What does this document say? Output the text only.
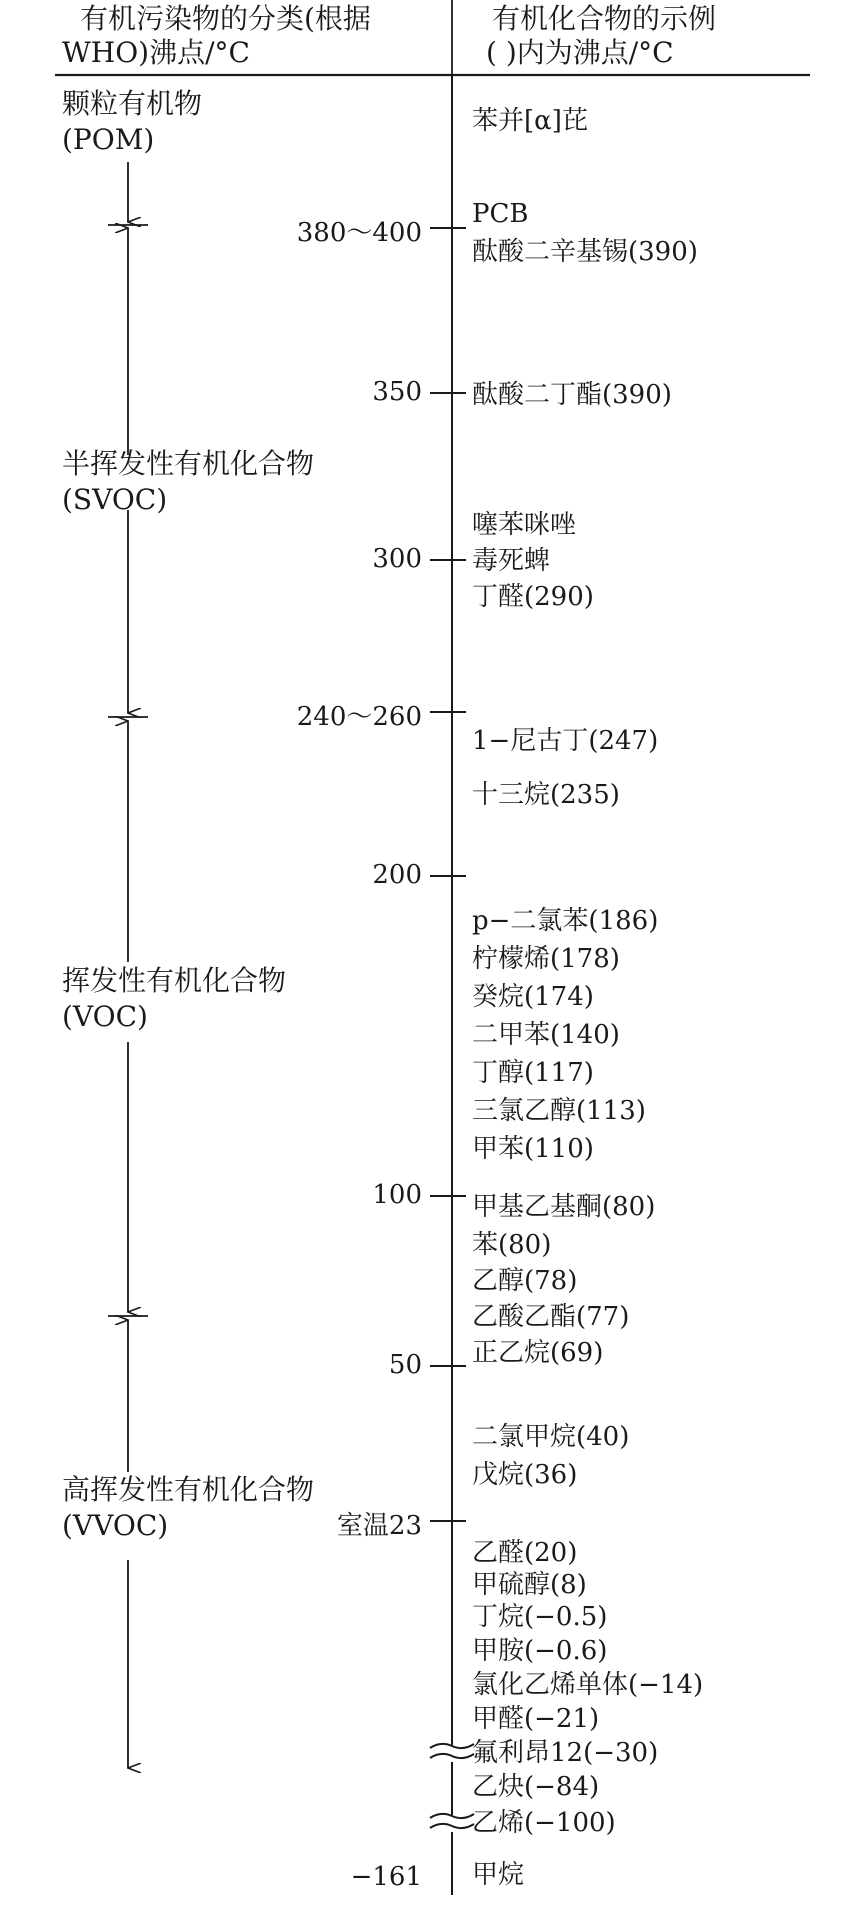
有机污染物的分类(根据
WHO)沸点/°C
有机化合物的示例
( )内为沸点/°C
颗粒有机物
(POM)
半挥发性有机化合物
(SVOC)
挥发性有机化合物
(VOC)
高挥发性有机化合物
(VVOC)
380～400
350
300
240～260
200
100
50
室温23
−161
苯并[α]芘
PCB
酞酸二辛基锡(390)
酞酸二丁酯(390)
噻苯咪唑
毒死蜱
丁醛(290)
1−尼古丁(247)
十三烷(235)
p−二氯苯(186)
柠檬烯(178)
癸烷(174)
二甲苯(140)
丁醇(117)
三氯乙醇(113)
甲苯(110)
甲基乙基酮(80)
苯(80)
乙醇(78)
乙酸乙酯(77)
正乙烷(69)
二氯甲烷(40)
戊烷(36)
乙醛(20)
甲硫醇(8)
丁烷(−0.5)
甲胺(−0.6)
氯化乙烯单体(−14)
甲醛(−21)
氟利昂12(−30)
乙炔(−84)
乙烯(−100)
甲烷
